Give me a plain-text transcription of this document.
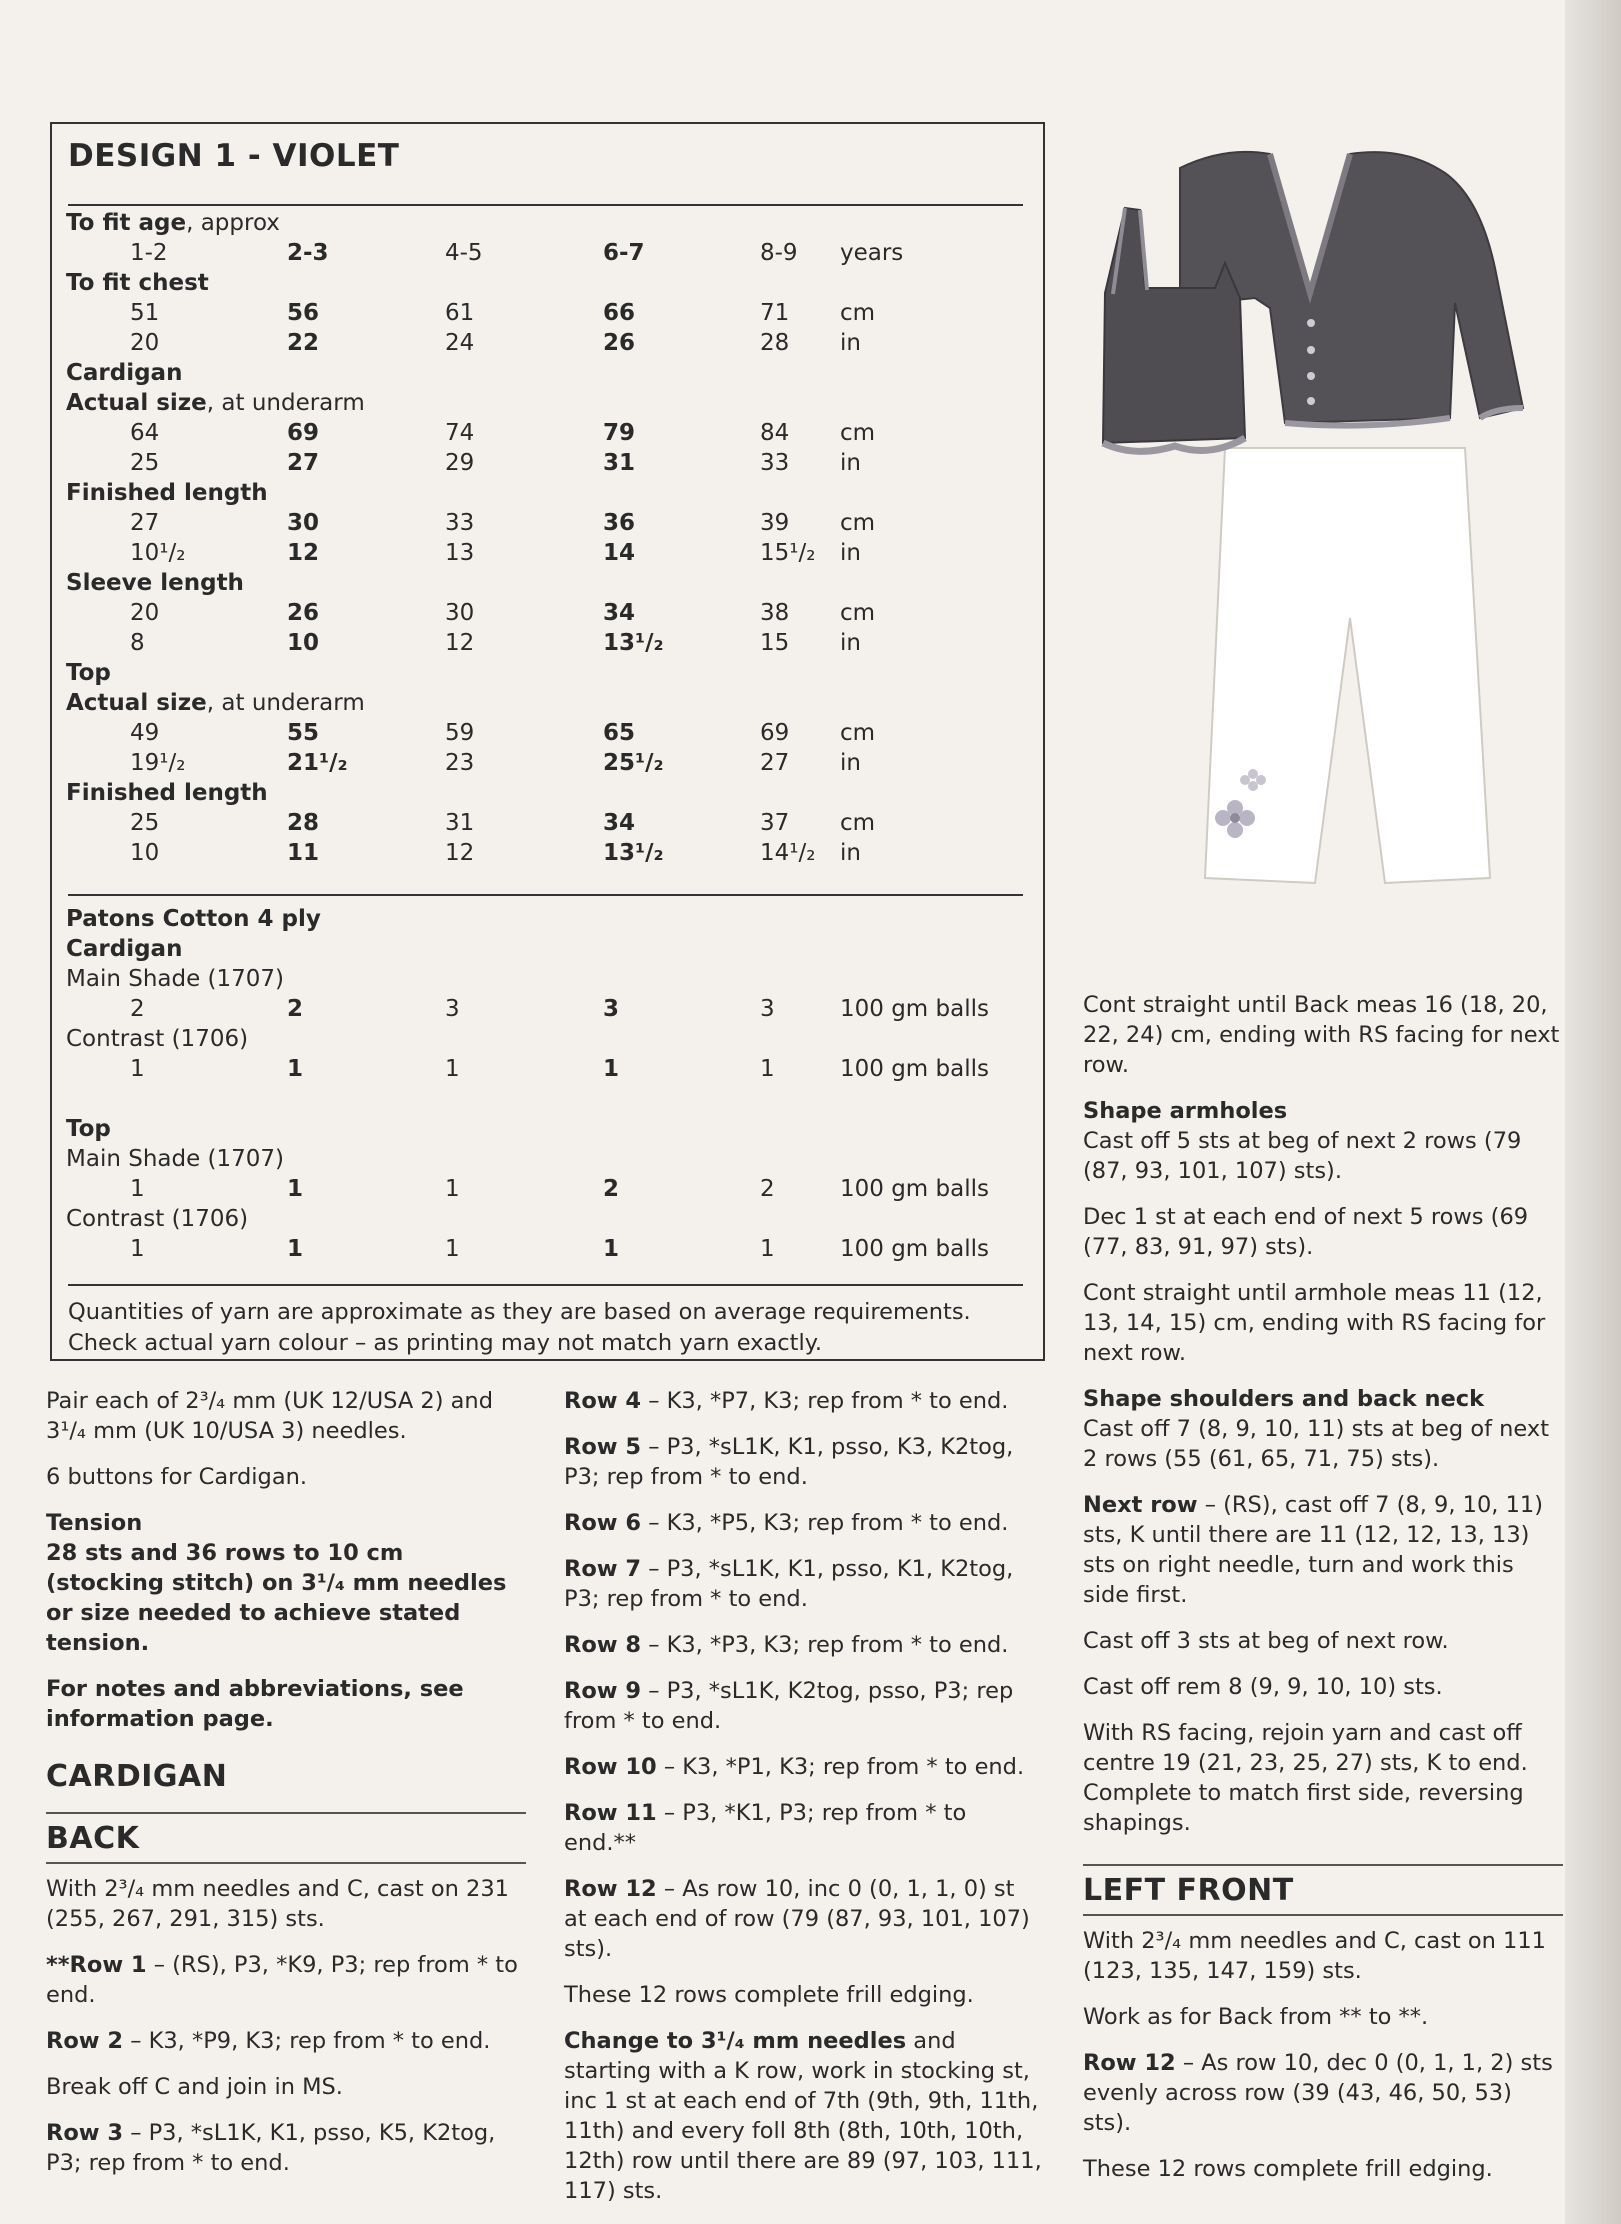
DESIGN 1 - VIOLET
To fit age, approx
1-2	2-3	4-5	6-7	8-9 years
To fit chest
51	56	61	66	71 cm
20	22	24	26	28 in
Cardigan
Actual size, at underarm
64	69	74	79	84 cm
25	27	29	31	33 in
Finished length
27	30	33	36	39 cm
10¹/₂	12	13	14	15¹/₂ in
Sleeve length
20	26	30	34	38 cm
8	10	12	13¹/₂	15 in
Top
Actual size, at underarm
49	55	59	65	69 cm
19¹/₂	21¹/₂	23	25¹/₂	27 in
Finished length
25	28	31	34	37 cm
10	11	12	13¹/₂	14¹/₂ in
Patons Cotton 4 ply
Cardigan
Main Shade (1707)
2	2	3	3	3	100 gm balls
Contrast (1706)
1	1	1	1	1	100 gm balls
Top
Main Shade (1707)
1	1	1	2	2	100 gm balls
Contrast (1706)
1	1	1	1	1	100 gm balls
Quantities of yarn are approximate as they are based on average requirements.
Check actual yarn colour – as printing may not match yarn exactly.

Pair each of 2³/₄ mm (UK 12/USA 2) and 3¹/₄ mm (UK 10/USA 3) needles.

6 buttons for Cardigan.

Tension

28 sts and 36 rows to 10 cm (stocking stitch) on 3¹/₄ mm needles or size needed to achieve stated tension.

For notes and abbreviations, see information page.

CARDIGAN
BACK

With 2³/₄ mm needles and C, cast on 231 (255, 267, 291, 315) sts.

**Row 1 – (RS), P3, *K9, P3; rep from * to end.

Row 2 – K3, *P9, K3; rep from * to end.

Break off C and join in MS.

Row 3 – P3, *sL1K, K1, psso, K5, K2tog, P3; rep from * to end.

Row 4 – K3, *P7, K3; rep from * to end.

Row 5 – P3, *sL1K, K1, psso, K3, K2tog, P3; rep from * to end.

Row 6 – K3, *P5, K3; rep from * to end.

Row 7 – P3, *sL1K, K1, psso, K1, K2tog, P3; rep from * to end.

Row 8 – K3, *P3, K3; rep from * to end.

Row 9 – P3, *sL1K, K2tog, psso, P3; rep from * to end.

Row 10 – K3, *P1, K3; rep from * to end.

Row 11 – P3, *K1, P3; rep from * to end.**

Row 12 – As row 10, inc 0 (0, 1, 1, 0) st at each end of row (79 (87, 93, 101, 107) sts).

These 12 rows complete frill edging.

Change to 3¹/₄ mm needles and starting with a K row, work in stocking st, inc 1 st at each end of 7th (9th, 9th, 11th, 11th) and every foll 8th (8th, 10th, 10th, 12th) row until there are 89 (97, 103, 111, 117) sts.

Cont straight until Back meas 16 (18, 20, 22, 24) cm, ending with RS facing for next row.

Shape armholes

Cast off 5 sts at beg of next 2 rows (79 (87, 93, 101, 107) sts).

Dec 1 st at each end of next 5 rows (69 (77, 83, 91, 97) sts).

Cont straight until armhole meas 11 (12, 13, 14, 15) cm, ending with RS facing for next row.

Shape shoulders and back neck

Cast off 7 (8, 9, 10, 11) sts at beg of next 2 rows (55 (61, 65, 71, 75) sts).

Next row – (RS), cast off 7 (8, 9, 10, 11) sts, K until there are 11 (12, 12, 13, 13) sts on right needle, turn and work this side first.

Cast off 3 sts at beg of next row.

Cast off rem 8 (9, 9, 10, 10) sts.

With RS facing, rejoin yarn and cast off centre 19 (21, 23, 25, 27) sts, K to end. Complete to match first side, reversing shapings.

LEFT FRONT

With 2³/₄ mm needles and C, cast on 111 (123, 135, 147, 159) sts.

Work as for Back from ** to **.

Row 12 – As row 10, dec 0 (0, 1, 1, 2) sts evenly across row (39 (43, 46, 50, 53) sts).

These 12 rows complete frill edging.
